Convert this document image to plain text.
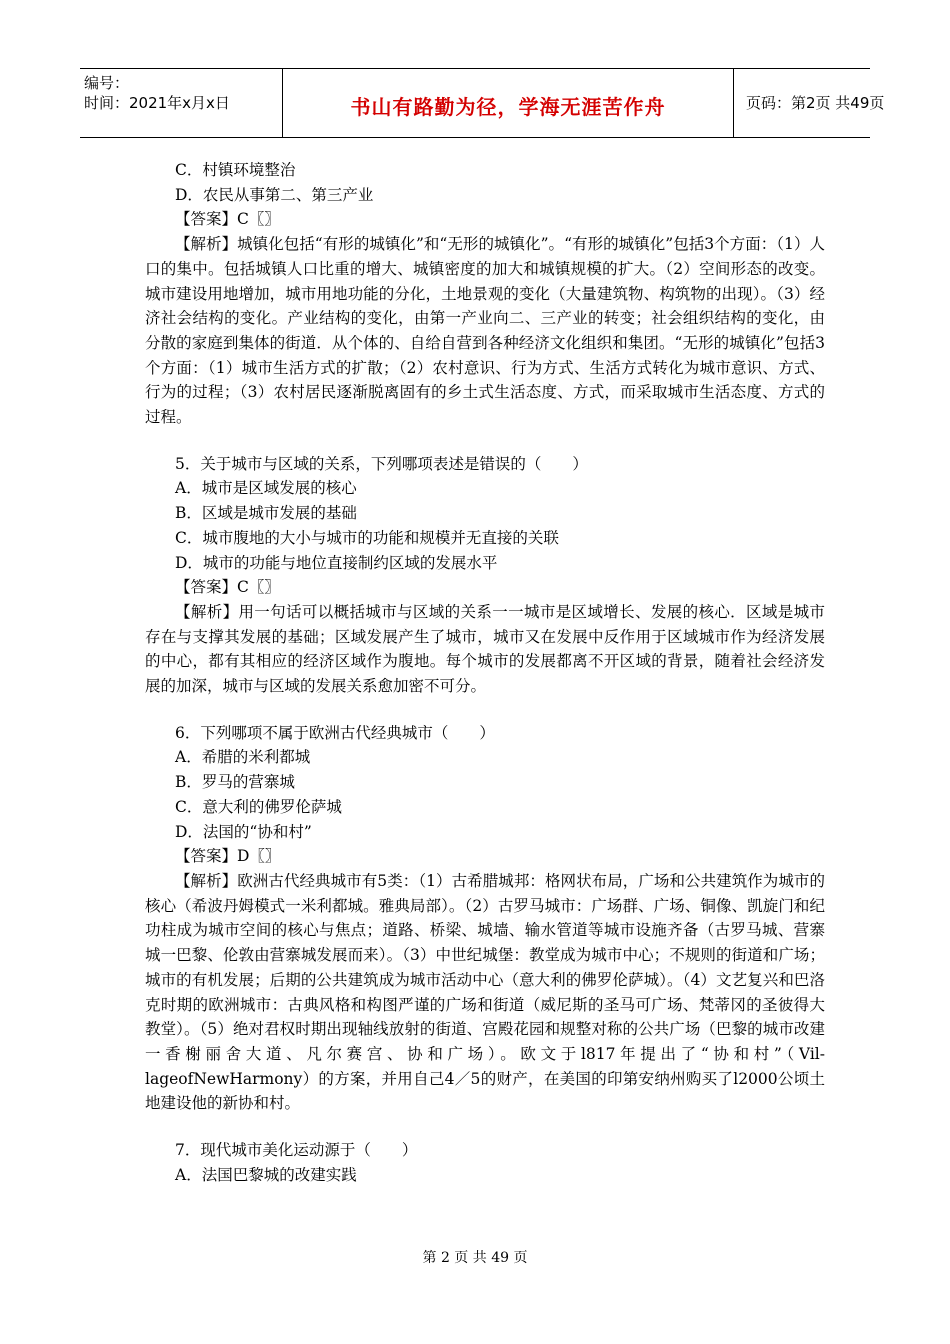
编号：
时间：2021年x月x日	书山有路勤为径，学海无涯苦作舟	页码：第2页 共49页

C．村镇环境整治

D．农民从事第二、第三产业

【答案】C〖〗

【解析】城镇化包括“有形的城镇化”和“无形的城镇化”。“有形的城镇化”包括3个方面：（1）人口的集中。包括城镇人口比重的增大、城镇密度的加大和城镇规模的扩大。（2）空间形态的改变。城市建设用地增加，城市用地功能的分化，土地景观的变化（大量建筑物、构筑物的出现）。（3）经济社会结构的变化。产业结构的变化，由第一产业向二、三产业的转变；社会组织结构的变化，由分散的家庭到集体的街道．从个体的、自给自营到各种经济文化组织和集团。“无形的城镇化”包括3个方面：（1）城市生活方式的扩散；（2）农村意识、行为方式、生活方式转化为城市意识、方式、行为的过程；（3）农村居民逐渐脱离固有的乡土式生活态度、方式，而采取城市生活态度、方式的过程。

5．关于城市与区域的关系，下列哪项表述是错误的（　　）

A．城市是区域发展的核心

B．区域是城市发展的基础

C．城市腹地的大小与城市的功能和规模并无直接的关联

D．城市的功能与地位直接制约区域的发展水平

【答案】C〖〗

【解析】用一句话可以概括城市与区域的关系一一城市是区域增长、发展的核心．区域是城市存在与支撑其发展的基础；区域发展产生了城市，城市又在发展中反作用于区域城市作为经济发展的中心，都有其相应的经济区域作为腹地。每个城市的发展都离不开区域的背景，随着社会经济发展的加深，城市与区域的发展关系愈加密不可分。

6．下列哪项不属于欧洲古代经典城市（　　）

A．希腊的米利都城

B．罗马的营寨城

C．意大利的佛罗伦萨城

D．法国的“协和村”

【答案】D〖〗

【解析】欧洲古代经典城市有5类：（1）古希腊城邦：格网状布局，广场和公共建筑作为城市的核心（希波丹姆模式一米利都城。雅典局部）。（2）古罗马城市：广场群、广场、铜像、凯旋门和纪功柱成为城市空间的核心与焦点；道路、桥梁、城墙、输水管道等城市设施齐备（古罗马城、营寨城一巴黎、伦敦由营寨城发展而来）。（3）中世纪城堡：教堂成为城市中心；不规则的街道和广场；城市的有机发展；后期的公共建筑成为城市活动中心（意大利的佛罗伦萨城）。（4）文艺复兴和巴洛克时期的欧洲城市：古典风格和构图严谨的广场和街道（威尼斯的圣马可广场、梵蒂冈的圣彼得大教堂）。（5）绝对君权时期出现轴线放射的街道、宫殿花园和规整对称的公共广场（巴黎的城市改建一香榭丽舍大道、凡尔赛宫、协和广场）。欧文于l817年提出了“协和村”（Vil-lageofNewHarmony）的方案，并用自己4／5的财产，在美国的印第安纳州购买了l2000公顷土地建设他的新协和村。

7．现代城市美化运动源于（　　）

A．法国巴黎城的改建实践

第 2 页 共 49 页
